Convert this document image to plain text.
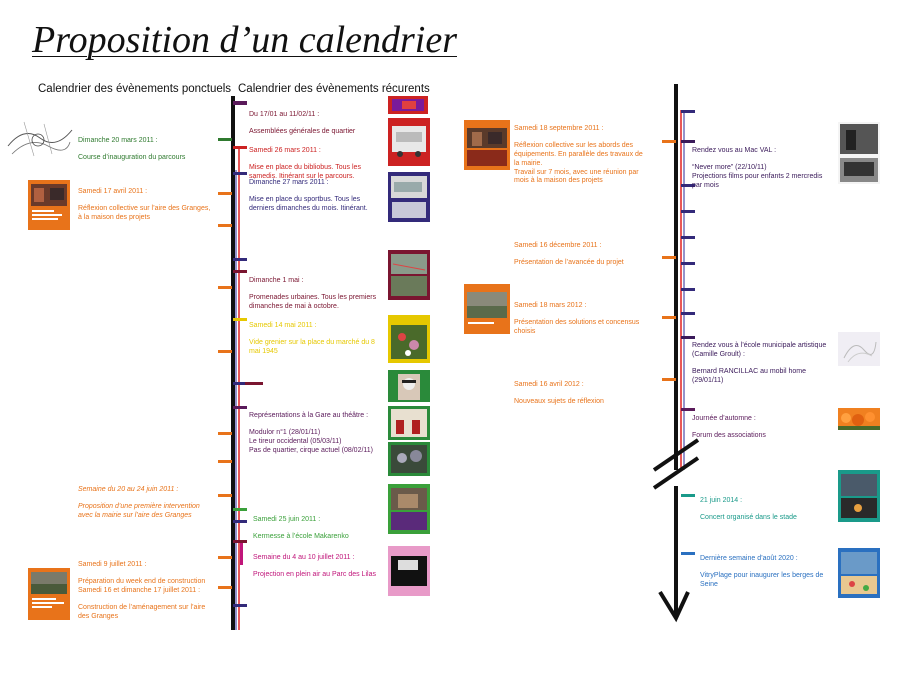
Proposition d’un calendrier
Calendrier des évènements ponctuels Calendrier des évènements récurents

Dimanche 20 mars 2011 :

Course d’inauguration du parcours

Samedi 17 avril 2011 :

Réflexion collective sur l’aire des Granges, à la maison des projets

Semaine du 20 au 24 juin 2011 :

Proposition d’une première intervention avec la mairie sur l’aire des Granges

Samedi 9 juillet 2011 :

Préparation du week end de construction

Samedi 16 et dimanche 17 juillet 2011 :

Construction de l’aménagement sur l’aire des Granges

Du 17/01 au 11/02/11 :

Assemblées générales de quartier

Samedi 26 mars 2011 :

Mise en place du bibliobus. Tous les samedis. Itinérant sur le parcours.

Dimanche 27 mars 2011 :

Mise en place du sportbus. Tous les derniers dimanches du mois. Itinérant.

Dimanche 1 mai :

Promenades urbaines. Tous les premiers dimanches de mai à octobre.

Samedi 14 mai 2011 :

Vide grenier sur la place du marché du 8 mai 1945

Représentations à la Gare au théâtre :

Modulor n°1 (28/01/11)
Le tireur occidental (05/03/11)
Pas de quartier, cirque actuel (08/02/11)

Samedi 25 juin 2011 :

Kermesse à l’école Makarenko

Semaine du 4 au 10 juillet 2011 :

Projection en plein air au Parc des Lilas

Samedi 18 septembre 2011 :

Réflexion collective sur les abords des équipements. En parallèle des travaux de la mairie.
Travail sur 7 mois, avec une réunion par mois à la maison des projets

Samedi 16 décembre 2011 :

Présentation de l’avancée du projet

Samedi 18 mars 2012 :

Présentation des solutions et concensus choisis

Samedi 16 avril 2012 :

Nouveaux sujets de réflexion

Rendez vous au Mac VAL :

“Never more” (22/10/11)
Projections films pour enfants 2 mercredis par mois

Rendez vous à l’école municipale artistique (Camille Groult) :

Bernard RANCILLAC au mobil home (29/01/11)

Journée d’automne :

Forum des associations

21 juin 2014 :

Concert organisé dans le stade

Dernière semaine d’août 2020 :

VitryPlage pour inaugurer les berges de Seine
